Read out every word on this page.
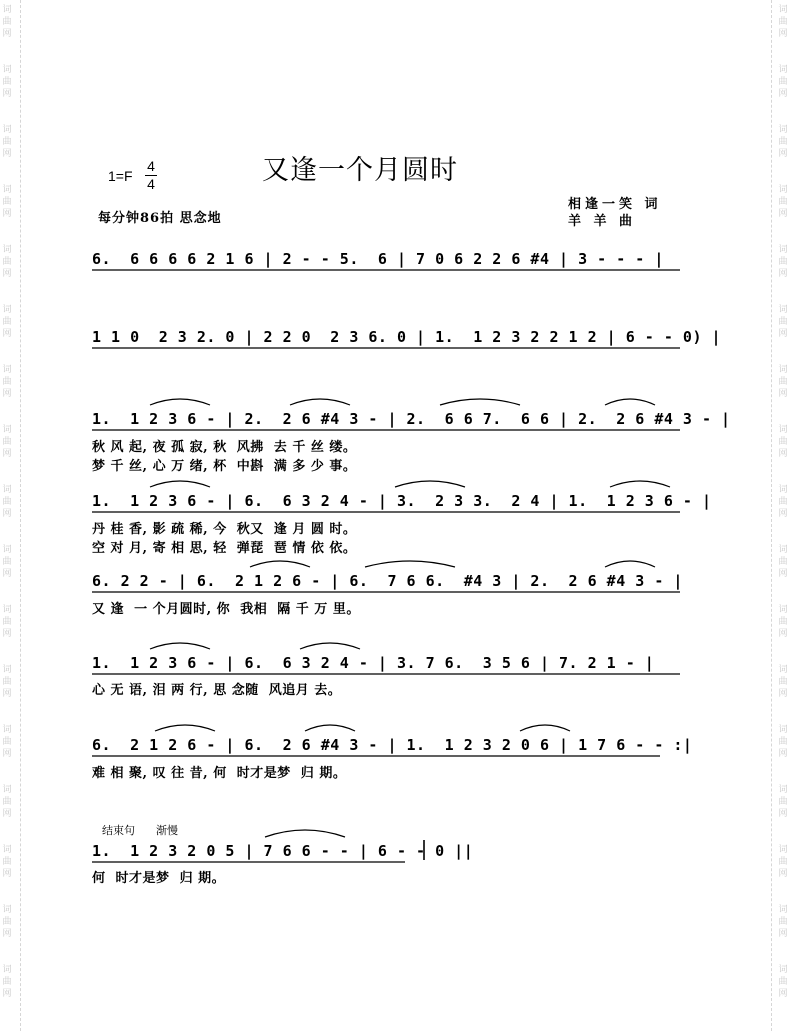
词
曲
网
词
曲
网
词
曲
网
词
曲
网
词
曲
网
词
曲
网
词
曲
网
词
曲
网
词
曲
网
词
曲
网
词
曲
网
词
曲
网
词
曲
网
词
曲
网
词
曲
网
词
曲
网
词
曲
网
词
曲
网
词
曲
网
词
曲
网
词
曲
网
词
曲
网
词
曲
网
词
曲
网
词
曲
网
词
曲
网
词
曲
网
词
曲
网
词
曲
网
词
曲
网
词
曲
网
词
曲
网
词
曲
网
词
曲
网
1=F
4
4	又逢一个月圆时
每分钟86拍 思念地
相逢一笑 词
羊 羊 曲
6.  6 6 6 6 2 1 6 | 2 - - 5.  6 | 7 0 6 2 2 6 #4 | 3 - - - |
1 1 0  2 3 2. 0 | 2 2 0  2 3 6. 0 | 1.  1 2 3 2 2 1 2 | 6 - - 0) |
1.  1 2 3 6 - | 2.  2 6 #4 3 - | 2.  6 6 7.  6 6 | 2.  2 6 #4 3 - |
秋 风 起, 夜 孤 寂, 秋  风拂  去 千 丝 缕。
梦 千 丝, 心 万 绪, 杯  中斟  满 多 少 事。
1.  1 2 3 6 - | 6.  6 3 2 4 - | 3.  2 3 3.  2 4 | 1.  1 2 3 6 - |
丹 桂 香, 影 疏 稀, 今  秋又  逢 月 圆 时。
空 对 月, 寄 相 思, 轻  弹琵  琶 情 依 依。
6. 2 2 - | 6.  2 1 2 6 - | 6.  7 6 6.  #4 3 | 2.  2 6 #4 3 - |
又 逢  一 个月圆时, 你  我相  隔 千 万 里。
1.  1 2 3 6 - | 6.  6 3 2 4 - | 3. 7 6.  3 5 6 | 7. 2 1 - |
心 无 语, 泪 两 行, 思 念随  风追月 去。
6.  2 1 2 6 - | 6.  2 6 #4 3 - | 1.  1 2 3 2 0 6 | 1 7 6 - - :|
难 相 聚, 叹 往 昔, 何  时才是梦  归 期。
结束句 渐慢
1.  1 2 3 2 0 5 | 7 6 6 - - | 6 - - 0 ||
何  时才是梦  归 期。
